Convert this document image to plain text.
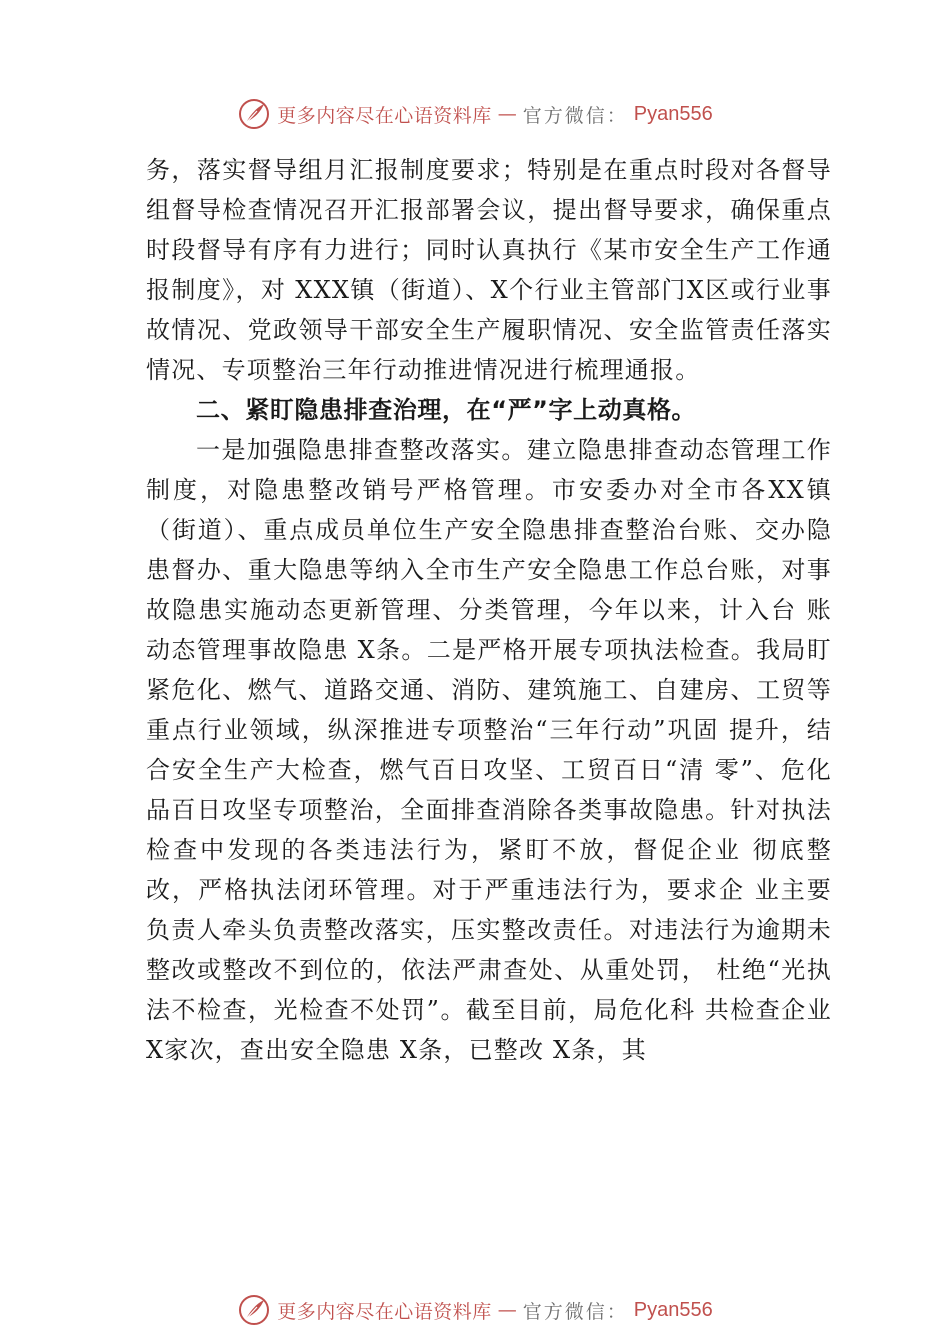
更多内容尽在心语资料库 — 官方微信： Pyan556

务，落实督导组月汇报制度要求；特别是在重点时段对各督导组督导检查情况召开汇报部署会议，提出督导要求，确保重点时段督导有序有力进行；同时认真执行《某市安全生产工作通报制度》，对 XXX镇（街道）、X个行业主管部门X区或行业事故情况、党政领导干部安全生产履职情况、安全监管责任落实情况、专项整治三年行动推进情况进行梳理通报。

二、紧盯隐患排查治理，在“严”字上动真格。

一是加强隐患排查整改落实。建立隐患排查动态管理工作制度，对隐患整改销号严格管理。市安委办对全市各XX镇（街道）、重点成员单位生产安全隐患排查整治台账、交办隐患督办、重大隐患等纳入全市生产安全隐患工作总台账，对事故隐患实施动态更新管理、分类管理，今年以来，计入台 账动态管理事故隐患 X条。二是严格开展专项执法检查。我局盯紧危化、燃气、道路交通、消防、建筑施工、自建房、工贸等重点行业领域，纵深推进专项整治“三年行动”巩固 提升，结合安全生产大检查，燃气百日攻坚、工贸百日“清 零”、危化品百日攻坚专项整治，全面排查消除各类事故隐患。针对执法检查中发现的各类违法行为，紧盯不放，督促企业 彻底整改，严格执法闭环管理。对于严重违法行为，要求企 业主要负责人牵头负责整改落实，压实整改责任。对违法行为逾期未整改或整改不到位的，依法严肃查处、从重处罚， 杜绝“光执法不检查，光检查不处罚”。截至目前，局危化科 共检查企业 X家次，查出安全隐患 X条，已整改 X条，其

更多内容尽在心语资料库 — 官方微信： Pyan556
